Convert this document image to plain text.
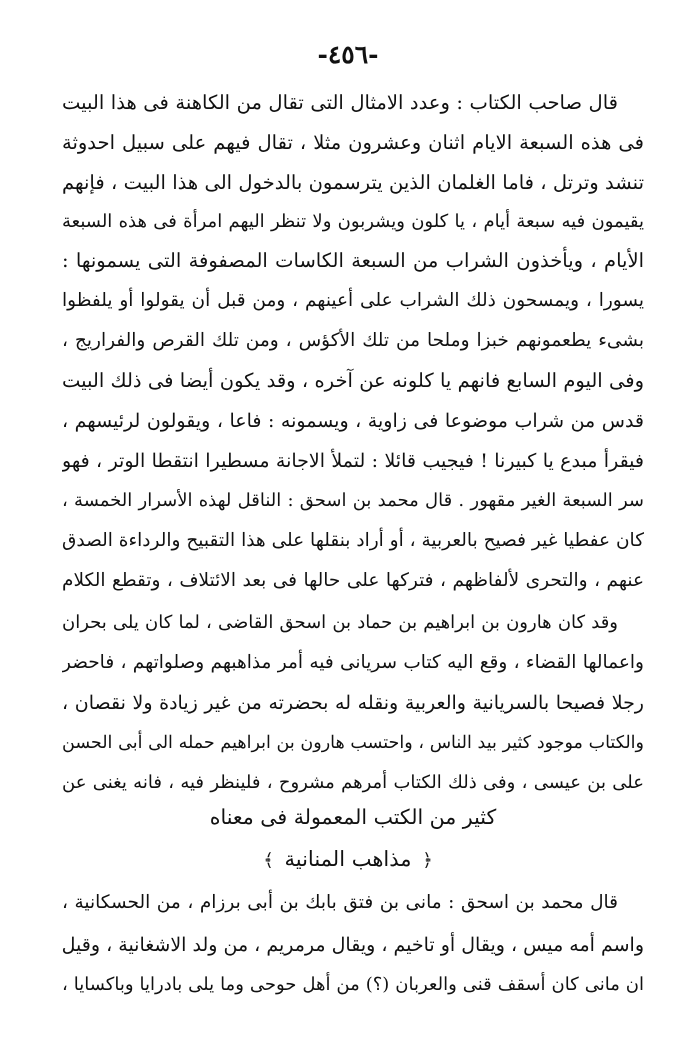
-٤٥٦-
قال صاحب الكتاب : وعدد الامثال التى تقال من الكاهنة فى هذا البيت
فى هذه السبعة الايام اثنان وعشرون مثلا ، تقال فيهم على سبيل احدوثة
تنشد وترتل ، فاما الغلمان الذين يترسمون بالدخول الى هذا البيت ، فإنهم
يقيمون فيه سبعة أيام ، يا كلون ويشربون ولا تنظر اليهم امرأة فى هذه السبعة
الأيام ، ويأخذون الشراب من السبعة الكاسات المصفوفة التى يسمونها :
يسورا ، ويمسحون ذلك الشراب على أعينهم ، ومن قبل أن يقولوا أو يلفظوا
بشىء يطعمونهم خبزا وملحا من تلك الأكؤس ، ومن تلك القرص والفراريج ،
وفى اليوم السابع فانهم يا كلونه عن آخره ، وقد يكون أيضا فى ذلك البيت
قدس من شراب موضوعا فى زاوية ، ويسمونه : فاعا ، ويقولون لرئيسهم ،
فيقرأ مبدع يا كبيرنا ! فيجيب قائلا : لتملأ الاجانة مسطيرا انتقطا الوتر ، فهو
سر السبعة الغير مقهور . قال محمد بن اسحق : الناقل لهذه الأسرار الخمسة ،
كان عفطيا غير فصيح بالعربية ، أو أراد بنقلها على هذا التقبيح والرداءة الصدق
عنهم ، والتحرى لألفاظهم ، فتركها على حالها فى بعد الائتلاف ، وتقطع الكلام
وقد كان هارون بن ابراهيم بن حماد بن اسحق القاضى ، لما كان يلى بحران
واعمالها القضاء ، وقع اليه كتاب سريانى فيه أمر مذاهبهم وصلواتهم ، فاحضر
رجلا فصيحا بالسريانية والعربية ونقله له بحضرته من غير زيادة ولا نقصان ،
والكتاب موجود كثير بيد الناس ، واحتسب هارون بن ابراهيم حمله الى أبى الحسن
على بن عيسى ، وفى ذلك الكتاب أمرهم مشروح ، فلينظر فيه ، فانه يغنى عن
كثير من الكتب المعمولة فى معناه
﴿ مذاهب المنانية ﴾
قال محمد بن اسحق : مانى بن فتق بابك بن أبى برزام ، من الحسكانية ،
واسم أمه ميس ، ويقال أو تاخيم ، ويقال مرمريم ، من ولد الاشغانية ، وقيل
ان مانى كان أسقف قنى والعربان (؟) من أهل حوحى وما يلى بادرايا وباكسايا ،
